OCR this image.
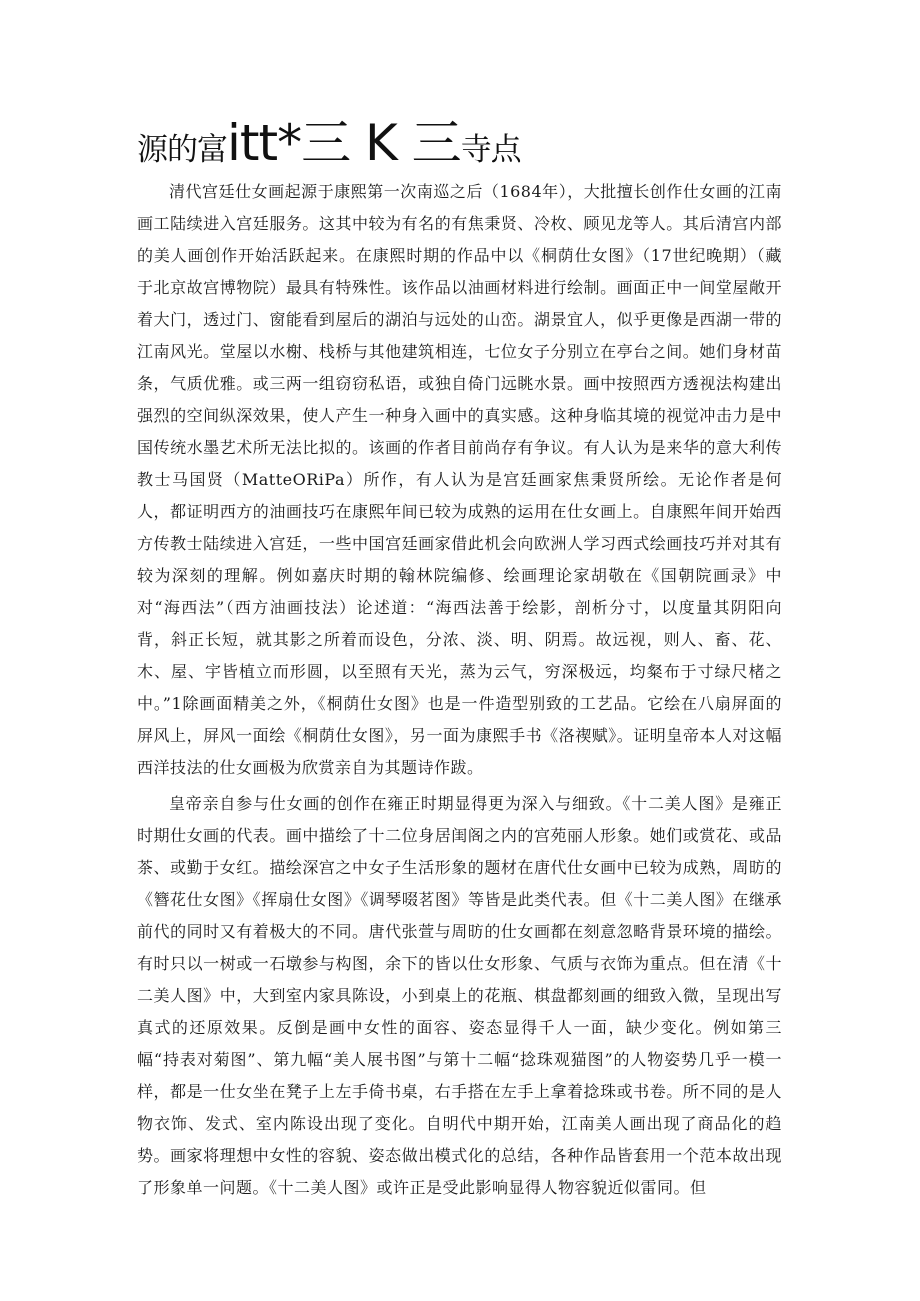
源的富itt*三 K 三寺点

清代宫廷仕女画起源于康熙第一次南巡之后（1684年），大批擅长创作仕女画的江南画工陆续进入宫廷服务。这其中较为有名的有焦秉贤、冷枚、顾见龙等人。其后清宫内部的美人画创作开始活跃起来。在康熙时期的作品中以《桐荫仕女图》（17世纪晚期）（藏于北京故宫博物院）最具有特殊性。该作品以油画材料进行绘制。画面正中一间堂屋敞开着大门，透过门、窗能看到屋后的湖泊与远处的山峦。湖景宜人，似乎更像是西湖一带的江南风光。堂屋以水榭、栈桥与其他建筑相连，七位女子分别立在亭台之间。她们身材苗条，气质优雅。或三两一组窃窃私语，或独自倚门远眺水景。画中按照西方透视法构建出强烈的空间纵深效果，使人产生一种身入画中的真实感。这种身临其境的视觉冲击力是中国传统水墨艺术所无法比拟的。该画的作者目前尚存有争议。有人认为是来华的意大利传教士马国贤（MatteORiPa）所作，有人认为是宫廷画家焦秉贤所绘。无论作者是何人，都证明西方的油画技巧在康熙年间已较为成熟的运用在仕女画上。自康熙年间开始西方传教士陆续进入宫廷，一些中国宫廷画家借此机会向欧洲人学习西式绘画技巧并对其有较为深刻的理解。例如嘉庆时期的翰林院编修、绘画理论家胡敬在《国朝院画录》中对“海西法”（西方油画技法）论述道：“海西法善于绘影，剖析分寸，以度量其阴阳向背，斜正长短，就其影之所着而设色，分浓、淡、明、阴焉。故远视，则人、畜、花、木、屋、宇皆植立而形圆，以至照有天光，蒸为云气，穷深极远，均粲布于寸绿尺楮之中。”1除画面精美之外，《桐荫仕女图》也是一件造型别致的工艺品。它绘在八扇屏面的屏风上，屏风一面绘《桐荫仕女图》，另一面为康熙手书《洛禊赋》。证明皇帝本人对这幅西洋技法的仕女画极为欣赏亲自为其题诗作跋。

皇帝亲自参与仕女画的创作在雍正时期显得更为深入与细致。《十二美人图》是雍正时期仕女画的代表。画中描绘了十二位身居闺阁之内的宫苑丽人形象。她们或赏花、或品茶、或勤于女红。描绘深宫之中女子生活形象的题材在唐代仕女画中已较为成熟，周昉的《簪花仕女图》《挥扇仕女图》《调琴啜茗图》等皆是此类代表。但《十二美人图》在继承前代的同时又有着极大的不同。唐代张萱与周昉的仕女画都在刻意忽略背景环境的描绘。有时只以一树或一石墩参与构图，余下的皆以仕女形象、气质与衣饰为重点。但在清《十二美人图》中，大到室内家具陈设，小到桌上的花瓶、棋盘都刻画的细致入微，呈现出写真式的还原效果。反倒是画中女性的面容、姿态显得千人一面，缺少变化。例如第三幅“持表对菊图”、第九幅“美人展书图”与第十二幅“捻珠观猫图”的人物姿势几乎一模一样，都是一仕女坐在凳子上左手倚书桌，右手搭在左手上拿着捻珠或书卷。所不同的是人物衣饰、发式、室内陈设出现了变化。自明代中期开始，江南美人画出现了商品化的趋势。画家将理想中女性的容貌、姿态做出模式化的总结，各种作品皆套用一个范本故出现了形象单一问题。《十二美人图》或许正是受此影响显得人物容貌近似雷同。但
